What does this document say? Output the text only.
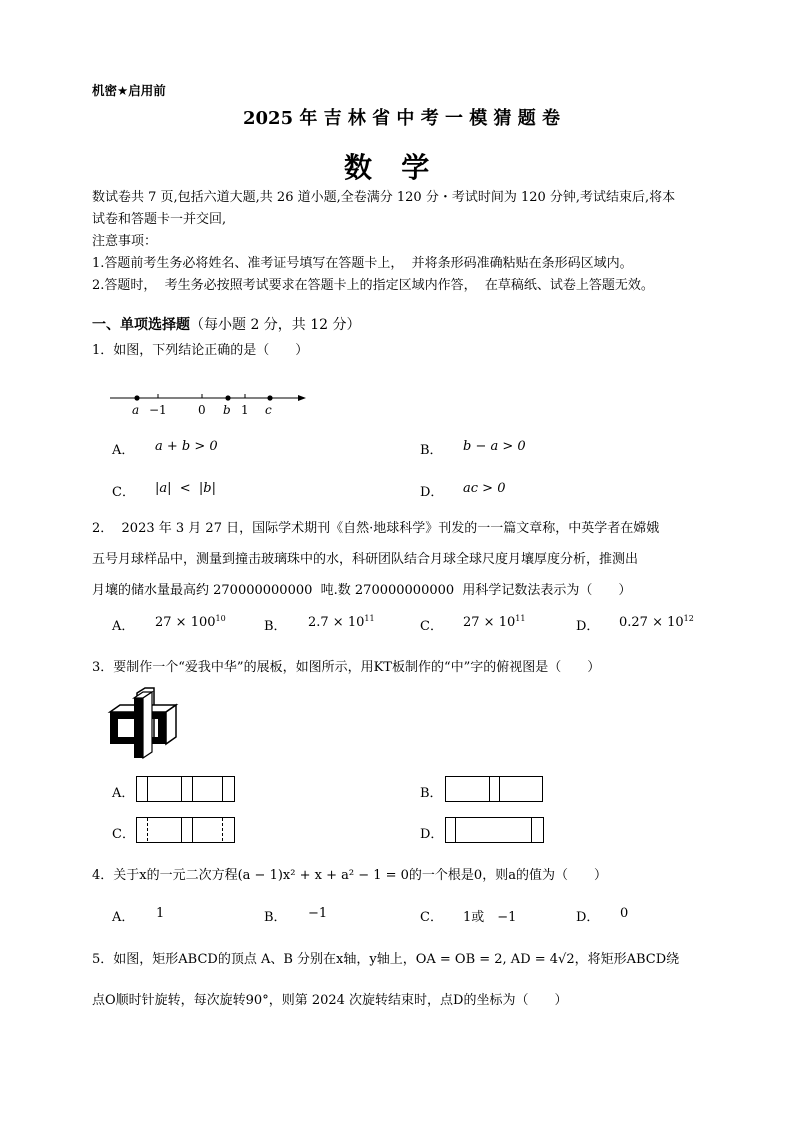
机密★启用前
2025 年 吉 林 省 中 考 一 模 猜 题 卷
数   学
数试卷共 7 页,包括六道大题,共 26 道小题,全卷满分 120 分・考试时间为 120 分钟,考试结束后,将本
试卷和答题卡一并交回,
注意事项：
1.答题前考生务必将姓名、准考证号填写在答题卡上，  并将条形码准确粘贴在条形码区域内。
2.答题时，  考生务必按照考试要求在答题卡上的指定区域内作答，  在草稿纸、试卷上答题无效。
一、单项选择题（每小题 2 分，共 12 分）
1．如图，下列结论正确的是（　　）
a −1	0 b 1 c
A． a + b > 0	B． b − a > 0
C． |a|  <  |b|	D． ac > 0
2．  2023 年 3 月 27 日，国际学术期刊《自然·地球科学》刊发的一一篇文章称，中英学者在嫦娥
五号月球样品中，测量到撞击玻璃珠中的水，科研团队结合月球全球尺度月壤厚度分析，推测出
月壤的储水量最高约 270000000000  吨.数 270000000000  用科学记数法表示为（　　）
A． $27 \times 100^{10}$
B． $2.7 \times 10^{11}$
C． $27 \times 10^{11}$
D． $0.27 \times 10^{12}$
3．要制作一个“爱我中华”的展板，如图所示，用KT板制作的“中”字的俯视图是（　　）
A．	B．
C．	D．
4．关于x的一元二次方程(a − 1)x² + x + a² − 1 = 0的一个根是0，则a的值为（　　）
A． 1	B． −1	C． 1或　−1	D． 0
5．如图，矩形ABCD的顶点 A、B 分别在x轴，y轴上，OA = OB = 2, AD = 4√2，将矩形ABCD绕
点O顺时针旋转，每次旋转90°，则第 2024 次旋转结束时，点D的坐标为（　　）
